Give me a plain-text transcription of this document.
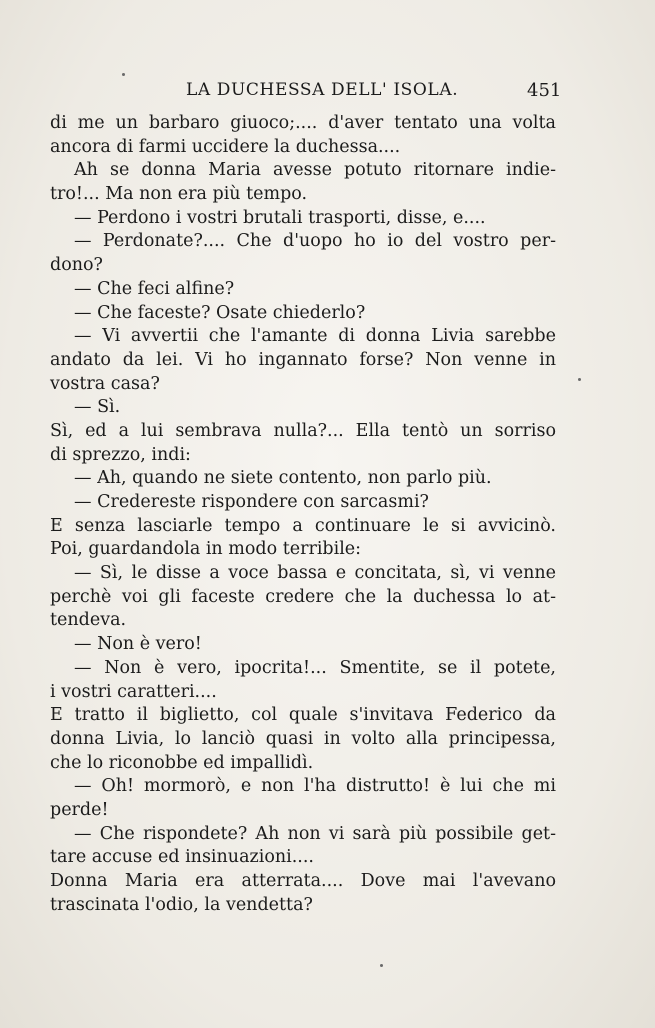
LA DUCHESSA DELL' ISOLA.	451
di me un barbaro giuoco;.... d'aver tentato una volta
ancora di farmi uccidere la duchessa....
Ah se donna Maria avesse potuto ritornare indie-
tro!... Ma non era più tempo.
— Perdono i vostri brutali trasporti, disse, e....
— Perdonate?.... Che d'uopo ho io del vostro per-
dono?
— Che feci alfine?
— Che faceste? Osate chiederlo?
— Vi avvertii che l'amante di donna Livia sarebbe
andato da lei. Vi ho ingannato forse? Non venne in
vostra casa?
— Sì.
Sì, ed a lui sembrava nulla?... Ella tentò un sorriso
di sprezzo, indi:
— Ah, quando ne siete contento, non parlo più.
— Credereste rispondere con sarcasmi?
E senza lasciarle tempo a continuare le si avvicinò.
Poi, guardandola in modo terribile:
— Sì, le disse a voce bassa e concitata, sì, vi venne
perchè voi gli faceste credere che la duchessa lo at-
tendeva.
— Non è vero!
— Non è vero, ipocrita!... Smentite, se il potete,
i vostri caratteri....
E tratto il biglietto, col quale s'invitava Federico da
donna Livia, lo lanciò quasi in volto alla principessa,
che lo riconobbe ed impallidì.
— Oh! mormorò, e non l'ha distrutto! è lui che mi
perde!
— Che rispondete? Ah non vi sarà più possibile get-
tare accuse ed insinuazioni....
Donna Maria era atterrata.... Dove mai l'avevano
trascinata l'odio, la vendetta?
